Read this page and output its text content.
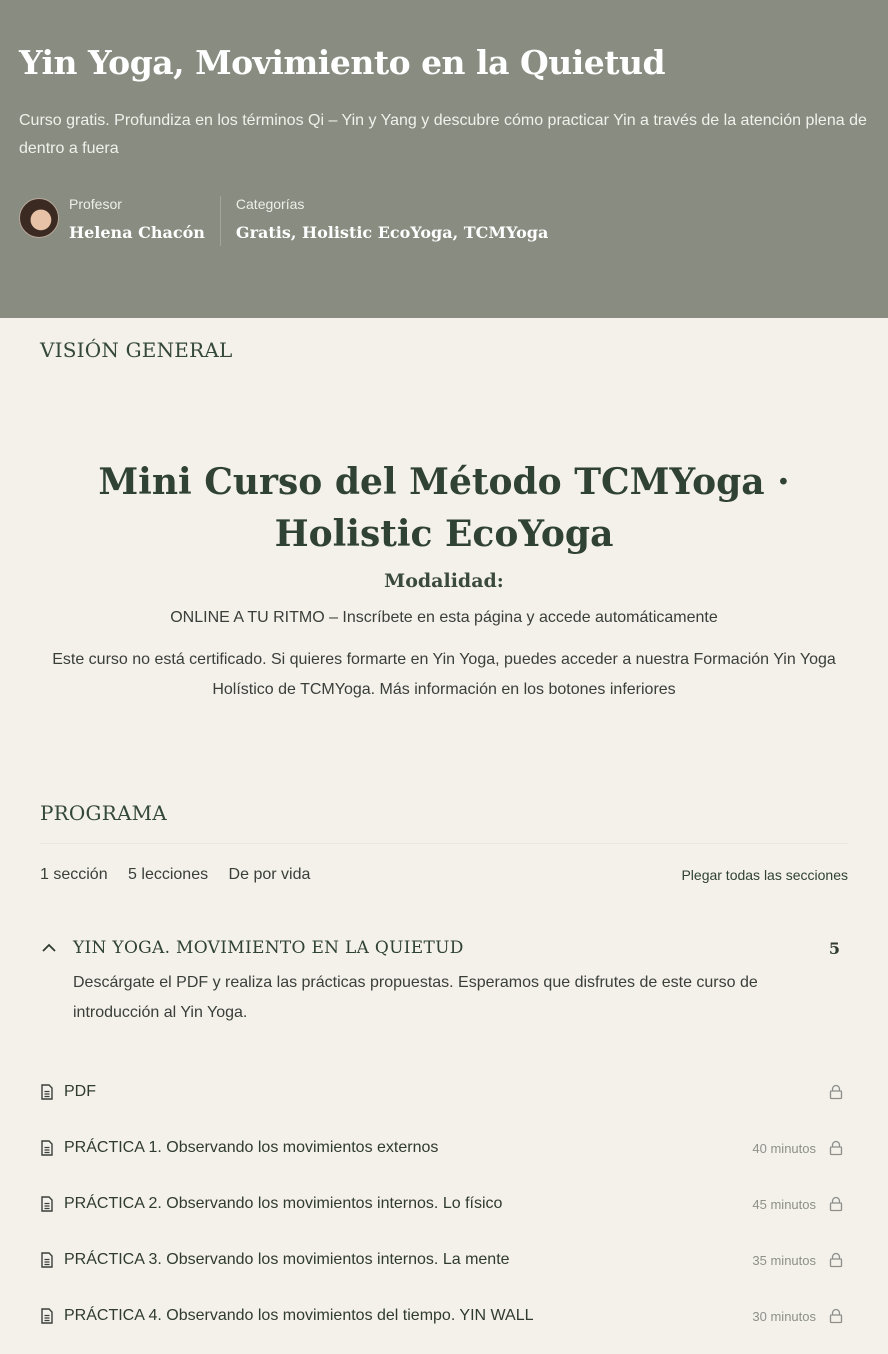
Yin Yoga, Movimiento en la Quietud
Curso gratis. Profundiza en los términos Qi – Yin y Yang y descubre cómo practicar Yin a través de la atención plena de dentro a fuera
Profesor
Helena Chacón
Categorías
Gratis, Holistic EcoYoga, TCMYoga
VISIÓN GENERAL
Mini Curso del Método TCMYoga · Holistic EcoYoga
Modalidad:
ONLINE A TU RITMO – Inscríbete en esta página y accede automáticamente
Este curso no está certificado. Si quieres formarte en Yin Yoga, puedes acceder a nuestra Formación Yin Yoga Holístico de TCMYoga. Más información en los botones inferiores
PROGRAMA
1 sección 5 lecciones De por vida	Plegar todas las secciones
YIN YOGA. MOVIMIENTO EN LA QUIETUD	5
Descárgate el PDF y realiza las prácticas propuestas. Esperamos que disfrutes de este curso de introducción al Yin Yoga.
PDF
PRÁCTICA 1. Observando los movimientos externos	40 minutos
PRÁCTICA 2. Observando los movimientos internos. Lo físico	45 minutos
PRÁCTICA 3. Observando los movimientos internos. La mente	35 minutos
PRÁCTICA 4. Observando los movimientos del tiempo. YIN WALL	30 minutos
